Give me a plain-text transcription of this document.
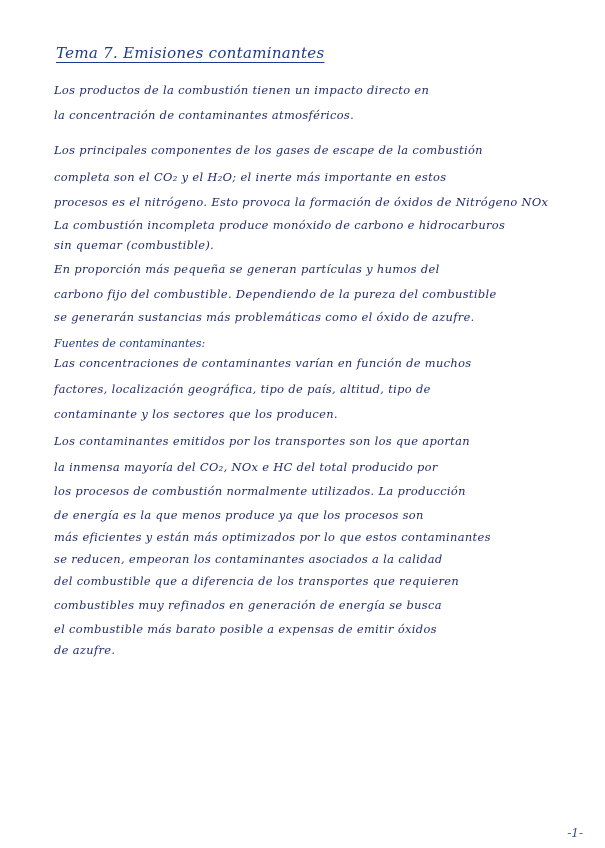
Tema 7. Emisiones contaminantes
Los productos de la combustión tienen un impacto directo en
la concentración de contaminantes atmosféricos.
Los principales componentes de los gases de escape de la combustión
completa son el CO₂ y el H₂O; el inerte más importante en estos
procesos es el nitrógeno. Esto provoca la formación de óxidos de Nitrógeno NOx
La combustión incompleta produce monóxido de carbono e hidrocarburos
sin quemar (combustible).
En proporción más pequeña se generan partículas y humos del
carbono fijo del combustible. Dependiendo de la pureza del combustible
se generarán sustancias más problemáticas como el óxido de azufre.
Fuentes de contaminantes:
Las concentraciones de contaminantes varían en función de muchos
factores, localización geográfica, tipo de país, altitud, tipo de
contaminante y los sectores que los producen.
Los contaminantes emitidos por los transportes son los que aportan
la inmensa mayoría del CO₂, NOx e HC del total producido por
los procesos de combustión normalmente utilizados. La producción
de energía es la que menos produce ya que los procesos son
más eficientes y están más optimizados por lo que estos contaminantes
se reducen, empeoran los contaminantes asociados a la calidad
del combustible que a diferencia de los transportes que requieren
combustibles muy refinados en generación de energía se busca
el combustible más barato posible a expensas de emitir óxidos
de azufre.
-1-
